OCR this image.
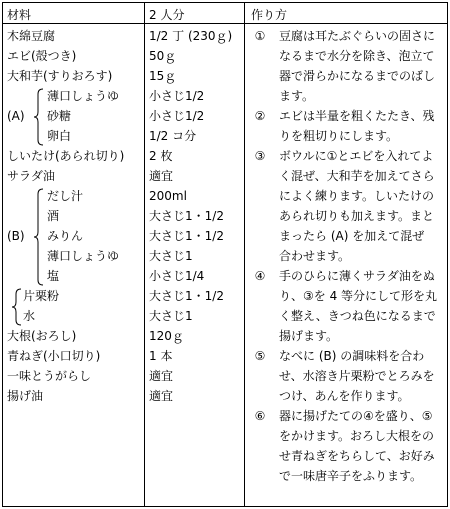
材料	2 人分	作り方
木綿豆腐
エビ(殻つき)
大和芋(すりおろす)
薄口しょうゆ
砂糖
卵白
しいたけ(あられ切り)
サラダ油
だし汁
酒
みりん
薄口しょうゆ
塩
片栗粉
水
大根(おろし)
青ねぎ(小口切り)
一味とうがらし
揚げ油
(A)
(B)
1/2 丁 (230ｇ)
50ｇ
15ｇ
小さじ1/2
小さじ1/2
1/2 コ分
2 枚
適宜
200ml
大さじ1・1/2
大さじ1・1/2
大さじ1
小さじ1/4
大さじ1・1/2
大さじ1
120ｇ
1 本
適宜
適宜
①
②
③
④
⑤
⑥
豆腐は耳たぶぐらいの固さに
なるまで水分を除き、泡立て
器で滑らかになるまでのばし
ます。
エビは半量を粗くたたき、残
りを粗切りにします。
ボウルに①とエビを入れてよ
く混ぜ、大和芋を加えてさら
によく練ります。しいたけの
あられ切りも加えます。まと
まったら (A) を加えて混ぜ
合わせます。
手のひらに薄くサラダ油をぬ
り、③を 4 等分にして形を丸
く整え、きつね色になるまで
揚げます。
なべに (B) の調味料を合わ
せ、水溶き片栗粉でとろみを
つけ、あんを作ります。
器に揚げたての④を盛り、⑤
をかけます。おろし大根をの
せ青ねぎをちらして、お好み
で一味唐辛子をふります。
